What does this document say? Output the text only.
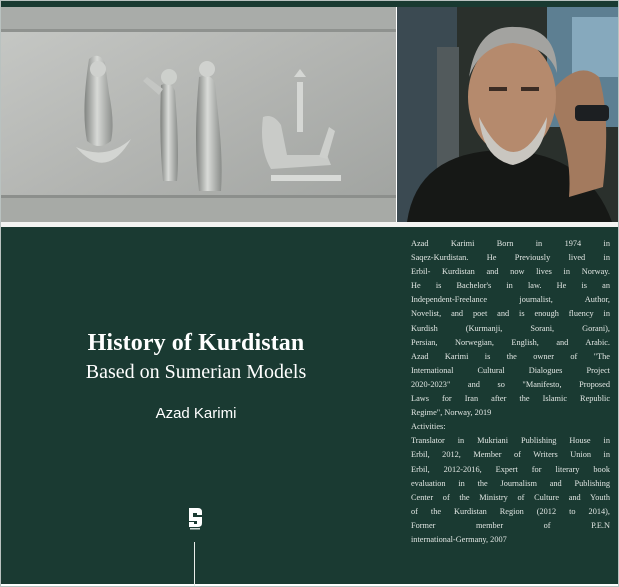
History of Kurdistan

Based on Sumerian Models

Azad Karimi

Azad Karimi Born in 1974 in
Saqez-Kurdistan. He Previously lived in
Erbil- Kurdistan and now lives in Norway.
He is Bachelor's in law. He is an
Independent-Freelance journalist, Author,
Novelist, and poet and is enough fluency in
Kurdish (Kurmanji, Sorani, Gorani),
Persian, Norwegian, English, and Arabic.
Azad Karimi is the owner of "The
International Cultural Dialogues Project
2020-2023" and so "Manifesto, Proposed
Laws for Iran after the Islamic Republic
Regime", Norway, 2019
Activities:
Translator in Mukriani Publishing House in
Erbil, 2012, Member of Writers Union in
Erbil, 2012-2016, Expert for literary book
evaluation in the Journalism and Publishing
Center of the Ministry of Culture and Youth
of the Kurdistan Region (2012 to 2014),
Former member of P.E.N
international-Germany, 2007
